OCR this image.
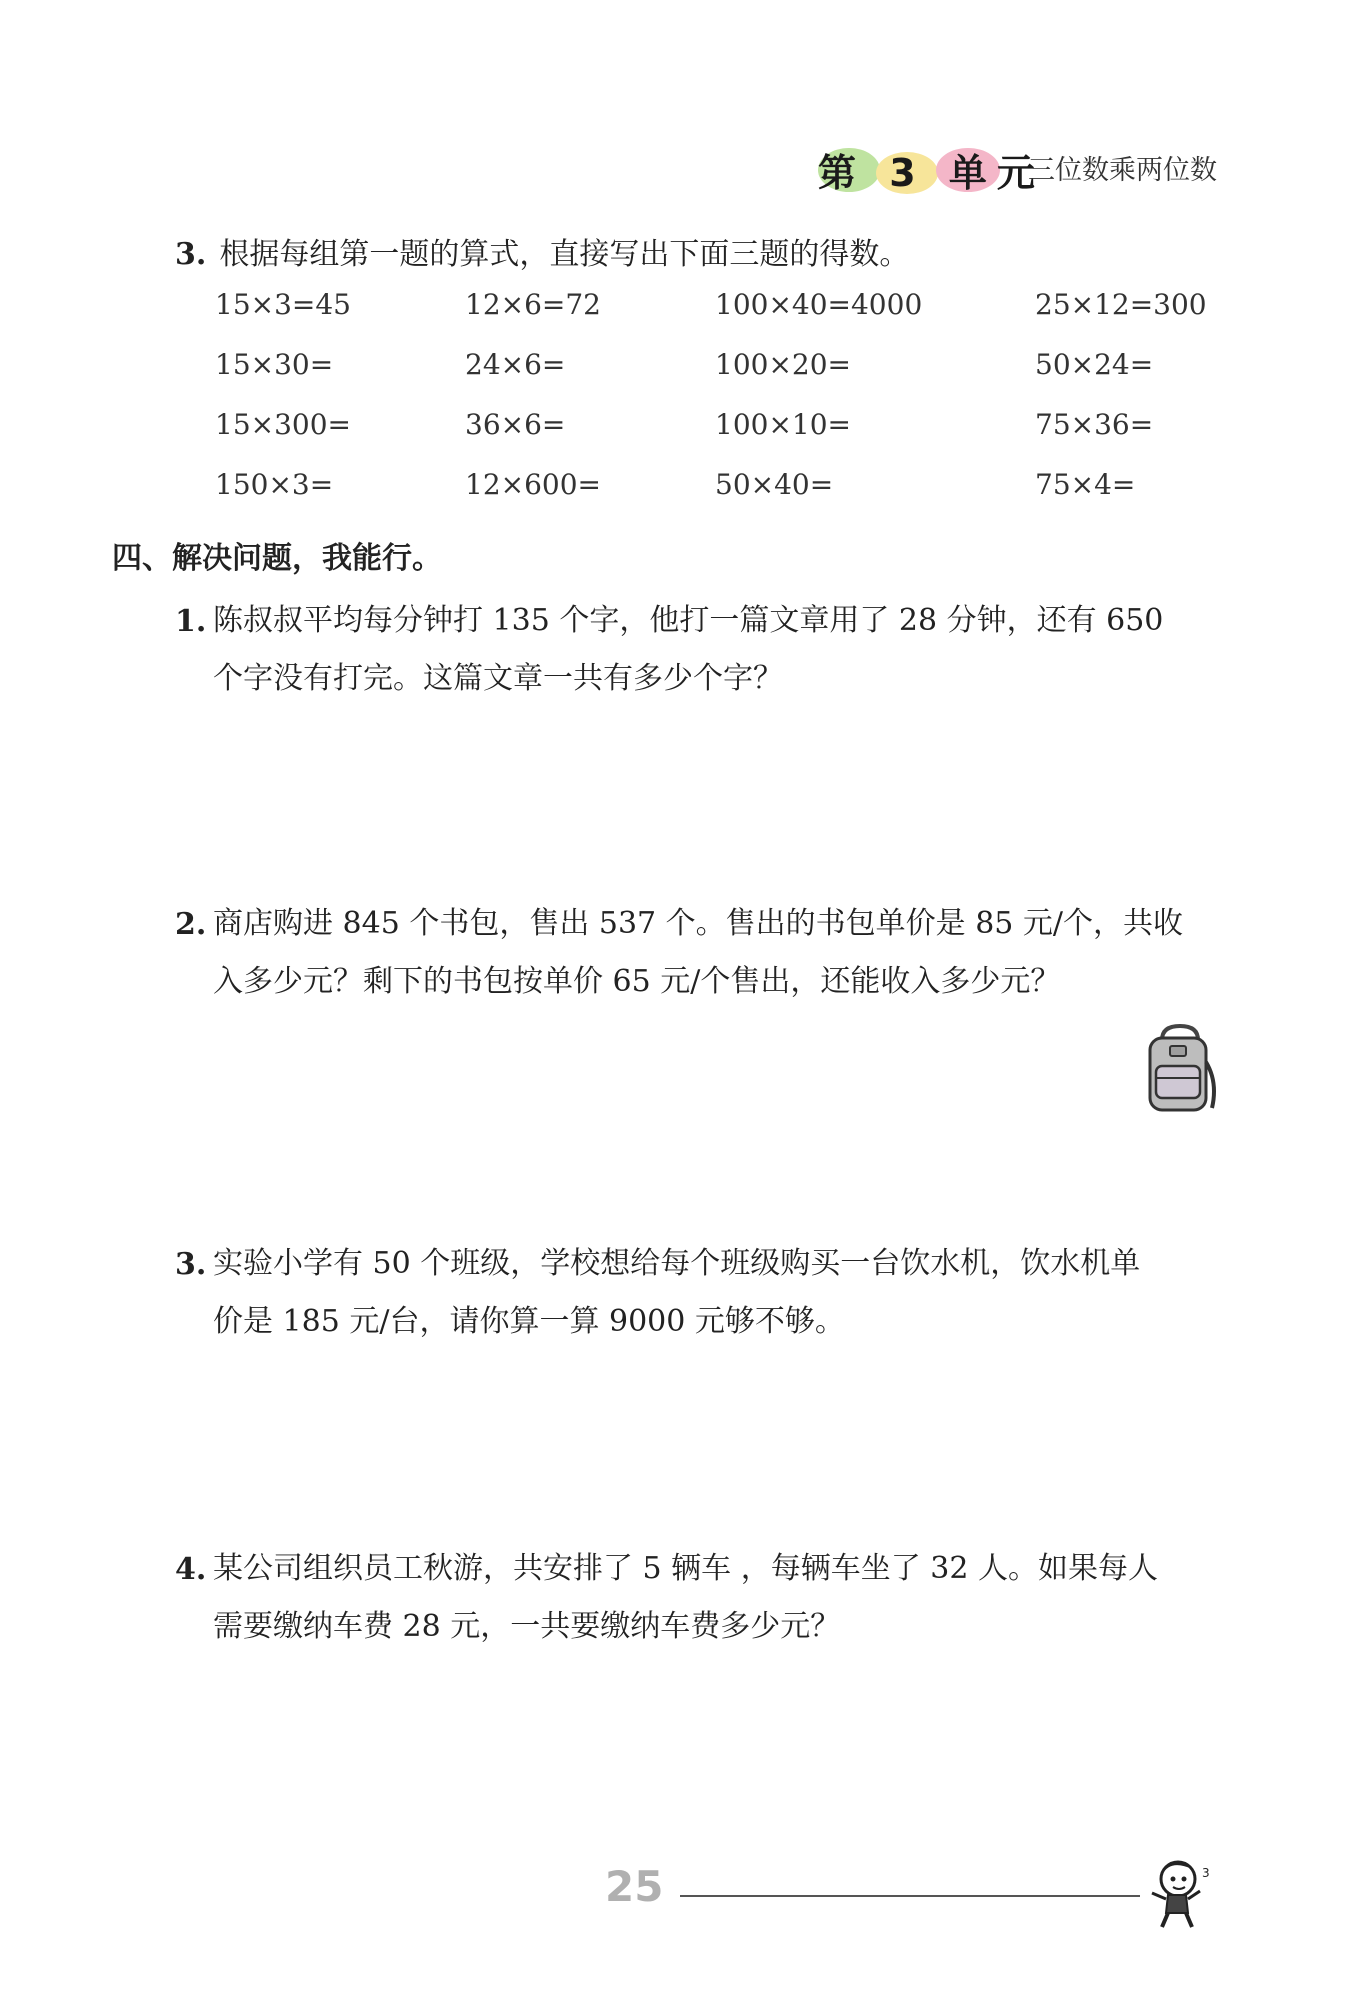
第 3 单元
三位数乘两位数
3. 根据每组第一题的算式，直接写出下面三题的得数。
15×3=45	12×6=72	100×40=4000	25×12=300
15×30=	24×6=	100×20=	50×24=
15×300=	36×6=	100×10=	75×36=
150×3=	12×600=	50×40=	75×4=
四、解决问题，我能行。
1. 陈叔叔平均每分钟打 135 个字，他打一篇文章用了 28 分钟，还有 650
个字没有打完。这篇文章一共有多少个字？
2. 商店购进 845 个书包，售出 537 个。售出的书包单价是 85 元/个，共收
入多少元？剩下的书包按单价 65 元/个售出，还能收入多少元？
3. 实验小学有 50 个班级，学校想给每个班级购买一台饮水机，饮水机单
价是 185 元/台，请你算一算 9000 元够不够。
4. 某公司组织员工秋游，共安排了 5 辆车 ，每辆车坐了 32 人。如果每人
需要缴纳车费 28 元，一共要缴纳车费多少元？
25	3
